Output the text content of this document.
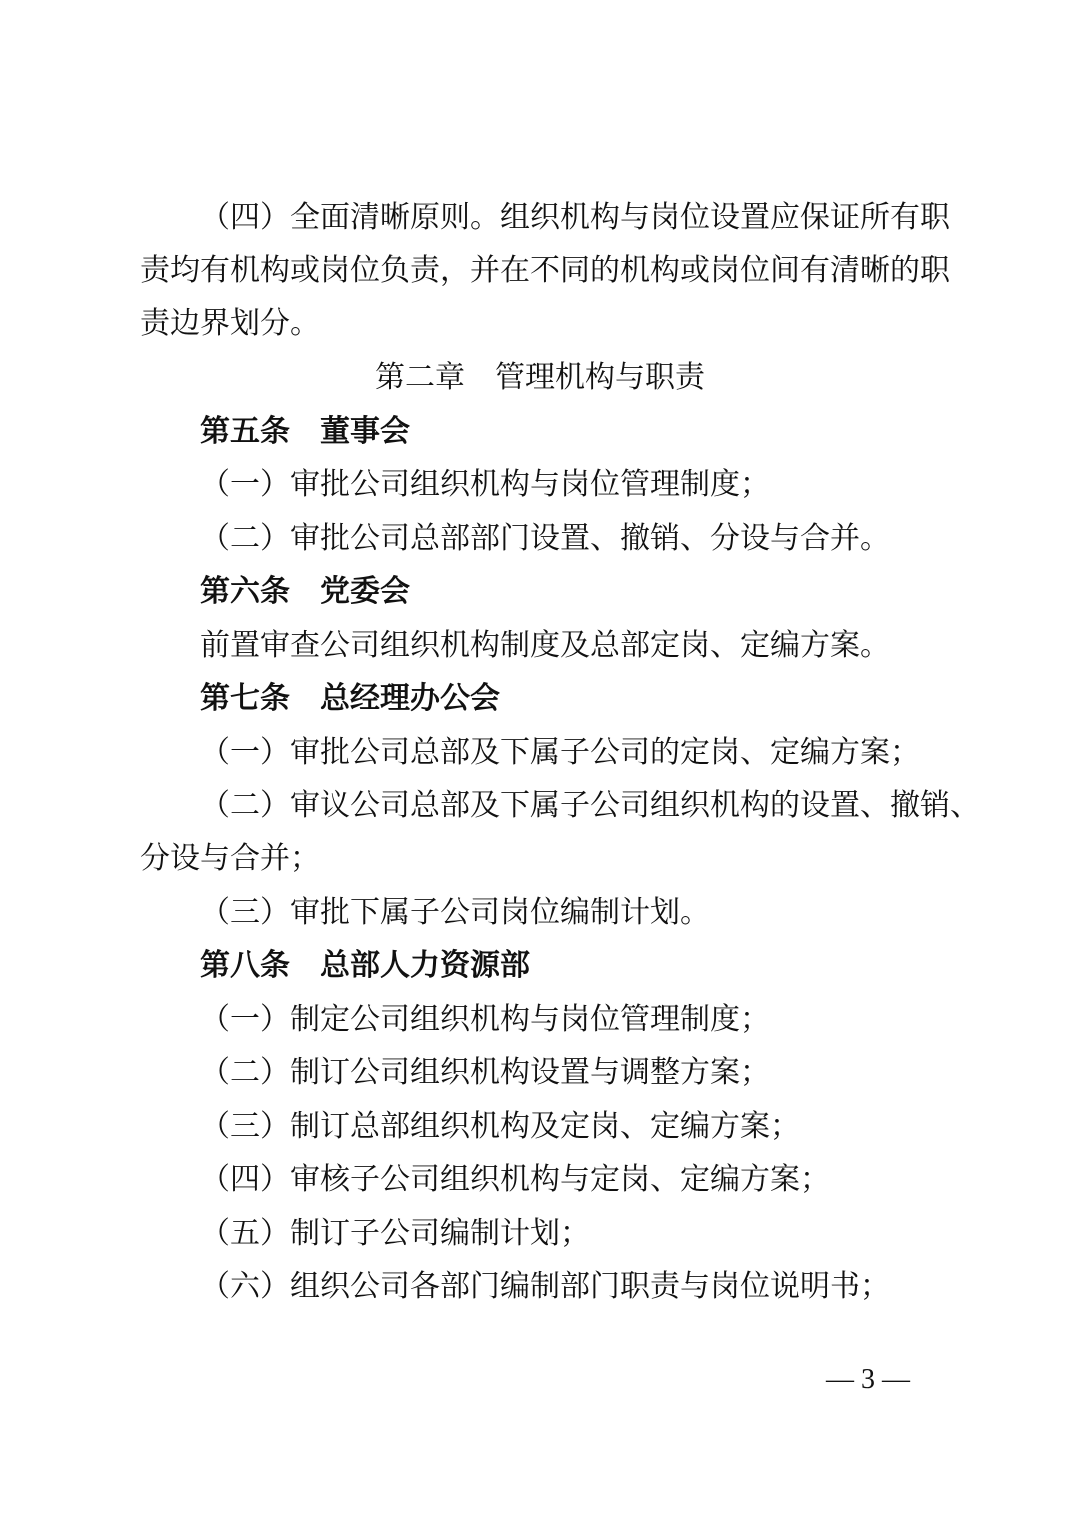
（四）全面清晰原则。组织机构与岗位设置应保证所有职
责均有机构或岗位负责，并在不同的机构或岗位间有清晰的职
责边界划分。
第二章　管理机构与职责
第五条　董事会
（一）审批公司组织机构与岗位管理制度；
（二）审批公司总部部门设置、撤销、分设与合并。
第六条　党委会
前置审查公司组织机构制度及总部定岗、定编方案。
第七条　总经理办公会
（一）审批公司总部及下属子公司的定岗、定编方案；
（二）审议公司总部及下属子公司组织机构的设置、撤销、
分设与合并；
（三）审批下属子公司岗位编制计划。
第八条　总部人力资源部
（一）制定公司组织机构与岗位管理制度；
（二）制订公司组织机构设置与调整方案；
（三）制订总部组织机构及定岗、定编方案；
（四）审核子公司组织机构与定岗、定编方案；
（五）制订子公司编制计划；
（六）组织公司各部门编制部门职责与岗位说明书；
— 3 —
